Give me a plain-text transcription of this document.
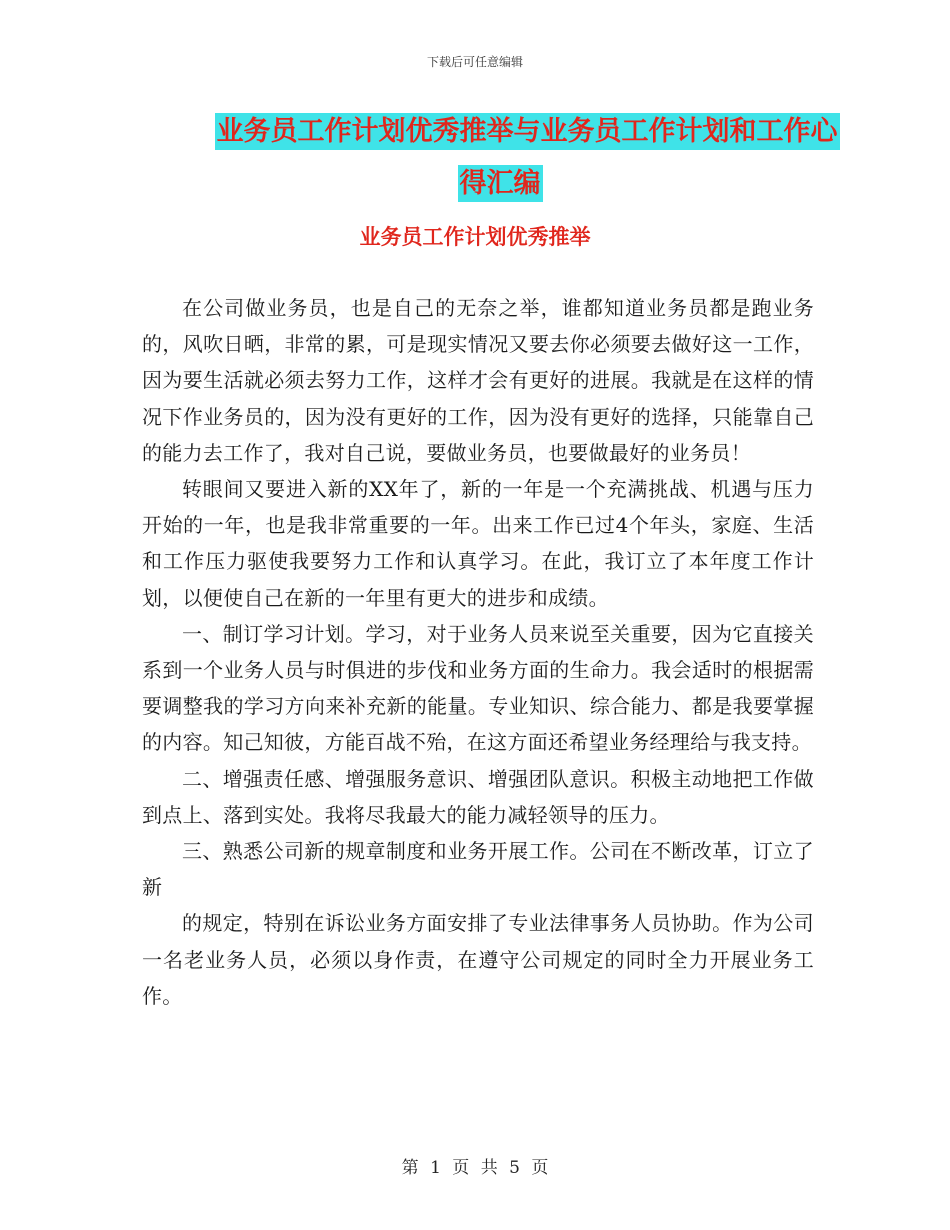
下载后可任意编辑
业务员工作计划优秀推举与业务员工作计划和工作心
得汇编
业务员工作计划优秀推举

在公司做业务员，也是自己的无奈之举，谁都知道业务员都是跑业务的，风吹日晒，非常的累，可是现实情况又要去你必须要去做好这一工作，因为要生活就必须去努力工作，这样才会有更好的进展。我就是在这样的情况下作业务员的，因为没有更好的工作，因为没有更好的选择，只能靠自己的能力去工作了，我对自己说，要做业务员，也要做最好的业务员！

转眼间又要进入新的XX年了，新的一年是一个充满挑战、机遇与压力开始的一年，也是我非常重要的一年。出来工作已过4个年头，家庭、生活和工作压力驱使我要努力工作和认真学习。在此，我订立了本年度工作计划，以便使自己在新的一年里有更大的进步和成绩。

一、制订学习计划。学习，对于业务人员来说至关重要，因为它直接关系到一个业务人员与时俱进的步伐和业务方面的生命力。我会适时的根据需要调整我的学习方向来补充新的能量。专业知识、综合能力、都是我要掌握的内容。知己知彼，方能百战不殆，在这方面还希望业务经理给与我支持。

二、增强责任感、增强服务意识、增强团队意识。积极主动地把工作做到点上、落到实处。我将尽我最大的能力减轻领导的压力。

三、熟悉公司新的规章制度和业务开展工作。公司在不断改革，订立了新

的规定，特别在诉讼业务方面安排了专业法律事务人员协助。作为公司一名老业务人员，必须以身作责，在遵守公司规定的同时全力开展业务工作。

第 1 页 共 5 页
